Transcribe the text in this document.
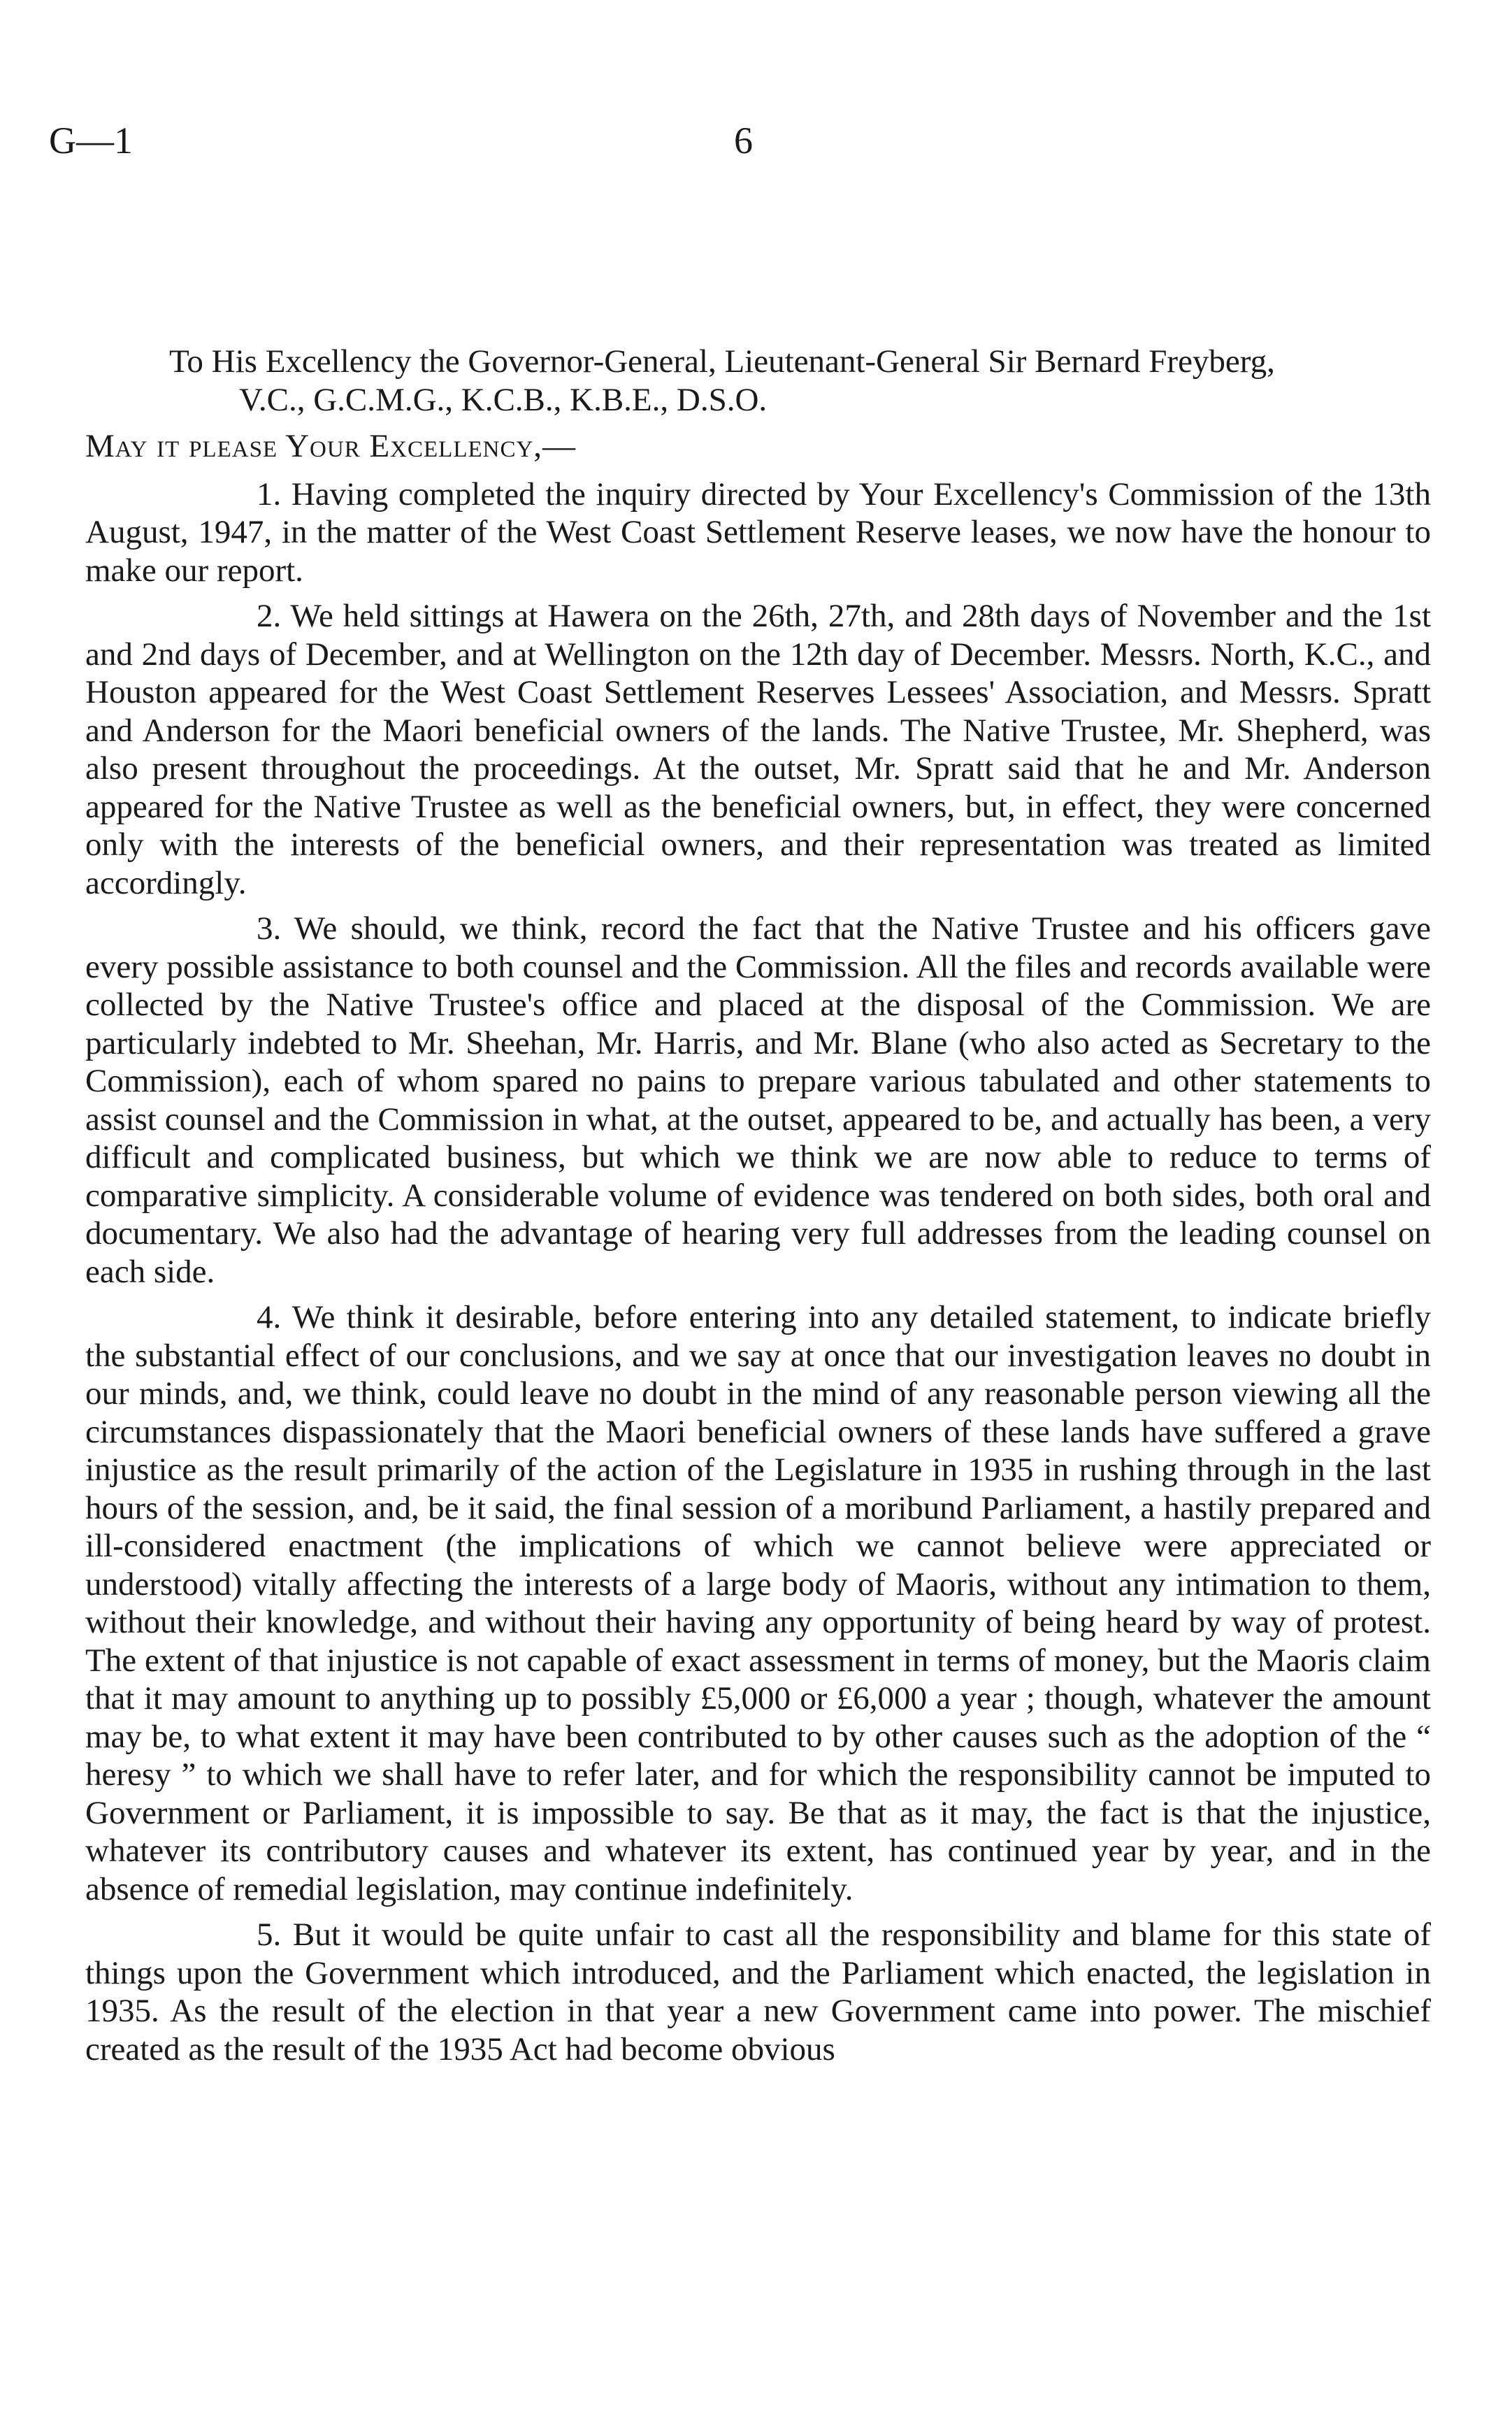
G—1	6

To His Excellency the Governor-General, Lieutenant-General Sir Bernard Freyberg,
V.C., G.C.M.G., K.C.B., K.B.E., D.S.O.

May it please Your Excellency,—

1. Having completed the inquiry directed by Your Excellency's Commission of the 13th August, 1947, in the matter of the West Coast Settlement Reserve leases, we now have the honour to make our report.

2. We held sittings at Hawera on the 26th, 27th, and 28th days of November and the 1st and 2nd days of December, and at Wellington on the 12th day of December. Messrs. North, K.C., and Houston appeared for the West Coast Settlement Reserves Lessees' Association, and Messrs. Spratt and Anderson for the Maori beneficial owners of the lands. The Native Trustee, Mr. Shepherd, was also present throughout the proceedings. At the outset, Mr. Spratt said that he and Mr. Anderson appeared for the Native Trustee as well as the beneficial owners, but, in effect, they were concerned only with the interests of the beneficial owners, and their representation was treated as limited accordingly.

3. We should, we think, record the fact that the Native Trustee and his officers gave every possible assistance to both counsel and the Commission. All the files and records available were collected by the Native Trustee's office and placed at the disposal of the Commission. We are particularly indebted to Mr. Sheehan, Mr. Harris, and Mr. Blane (who also acted as Secretary to the Commission), each of whom spared no pains to prepare various tabulated and other statements to assist counsel and the Commission in what, at the outset, appeared to be, and actually has been, a very difficult and complicated business, but which we think we are now able to reduce to terms of comparative simplicity. A considerable volume of evidence was tendered on both sides, both oral and documentary. We also had the advantage of hearing very full addresses from the leading counsel on each side.

4. We think it desirable, before entering into any detailed statement, to indicate briefly the substantial effect of our conclusions, and we say at once that our investigation leaves no doubt in our minds, and, we think, could leave no doubt in the mind of any reasonable person viewing all the circumstances dispassionately that the Maori beneficial owners of these lands have suffered a grave injustice as the result primarily of the action of the Legislature in 1935 in rushing through in the last hours of the session, and, be it said, the final session of a moribund Parliament, a hastily prepared and ill-considered enactment (the implications of which we cannot believe were appreciated or understood) vitally affecting the interests of a large body of Maoris, without any intimation to them, without their knowledge, and without their having any opportunity of being heard by way of protest. The extent of that injustice is not capable of exact assessment in terms of money, but the Maoris claim that it may amount to anything up to possibly £5,000 or £6,000 a year ; though, whatever the amount may be, to what extent it may have been contributed to by other causes such as the adoption of the “ heresy ” to which we shall have to refer later, and for which the responsibility cannot be imputed to Government or Parliament, it is impossible to say. Be that as it may, the fact is that the injustice, whatever its contributory causes and whatever its extent, has continued year by year, and in the absence of remedial legislation, may continue indefinitely.

5. But it would be quite unfair to cast all the responsibility and blame for this state of things upon the Government which introduced, and the Parliament which enacted, the legislation in 1935. As the result of the election in that year a new Government came into power. The mischief created as the result of the 1935 Act had become obvious
